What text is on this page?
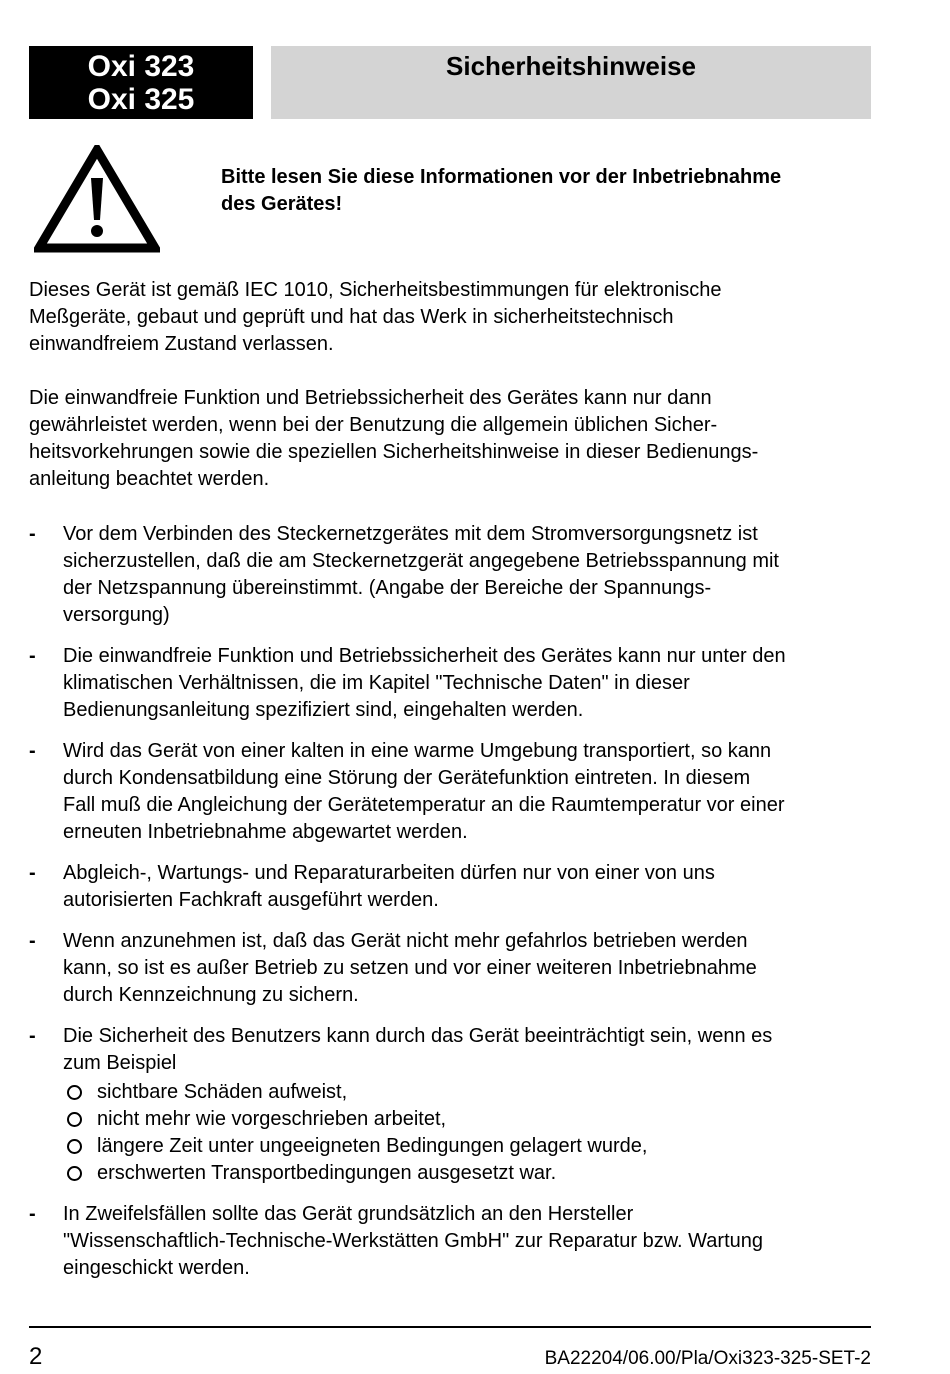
Oxi 323
Oxi 325
Sicherheitshinweise
Bitte lesen Sie diese Informationen vor der Inbetriebnahme
des Gerätes!
Dieses Gerät ist gemäß IEC 1010, Sicherheitsbestimmungen für elektronische
Meßgeräte, gebaut und geprüft und hat das Werk in sicherheitstechnisch
einwandfreiem Zustand verlassen.
Die einwandfreie Funktion und Betriebssicherheit des Gerätes kann nur dann
gewährleistet werden, wenn bei der Benutzung die allgemein üblichen Sicher-
heitsvorkehrungen sowie die speziellen Sicherheitshinweise in dieser Bedienungs-
anleitung beachtet werden.
- Vor dem Verbinden des Steckernetzgerätes mit dem Stromversorgungsnetz ist
sicherzustellen, daß die am Steckernetzgerät angegebene Betriebsspannung mit
der Netzspannung übereinstimmt. (Angabe der Bereiche der Spannungs-
versorgung)
- Die einwandfreie Funktion und Betriebssicherheit des Gerätes kann nur unter den
klimatischen Verhältnissen, die im Kapitel "Technische Daten" in dieser
Bedienungsanleitung spezifiziert sind, eingehalten werden.
- Wird das Gerät von einer kalten in eine warme Umgebung transportiert, so kann
durch Kondensatbildung eine Störung der Gerätefunktion eintreten. In diesem
Fall muß die Angleichung der Gerätetemperatur an die Raumtemperatur vor einer
erneuten Inbetriebnahme abgewartet werden.
- Abgleich-, Wartungs- und Reparaturarbeiten dürfen nur von einer von uns
autorisierten Fachkraft ausgeführt werden.
- Wenn anzunehmen ist, daß das Gerät nicht mehr gefahrlos betrieben werden
kann, so ist es außer Betrieb zu setzen und vor einer weiteren Inbetriebnahme
durch Kennzeichnung zu sichern.
- Die Sicherheit des Benutzers kann durch das Gerät beeinträchtigt sein, wenn es
zum Beispiel
sichtbare Schäden aufweist,
nicht mehr wie vorgeschrieben arbeitet,
längere Zeit unter ungeeigneten Bedingungen gelagert wurde,
erschwerten Transportbedingungen ausgesetzt war.
- In Zweifelsfällen sollte das Gerät grundsätzlich an den Hersteller
"Wissenschaftlich-Technische-Werkstätten GmbH" zur Reparatur bzw. Wartung
eingeschickt werden.
2	BA22204/06.00/Pla/Oxi323-325-SET-2
